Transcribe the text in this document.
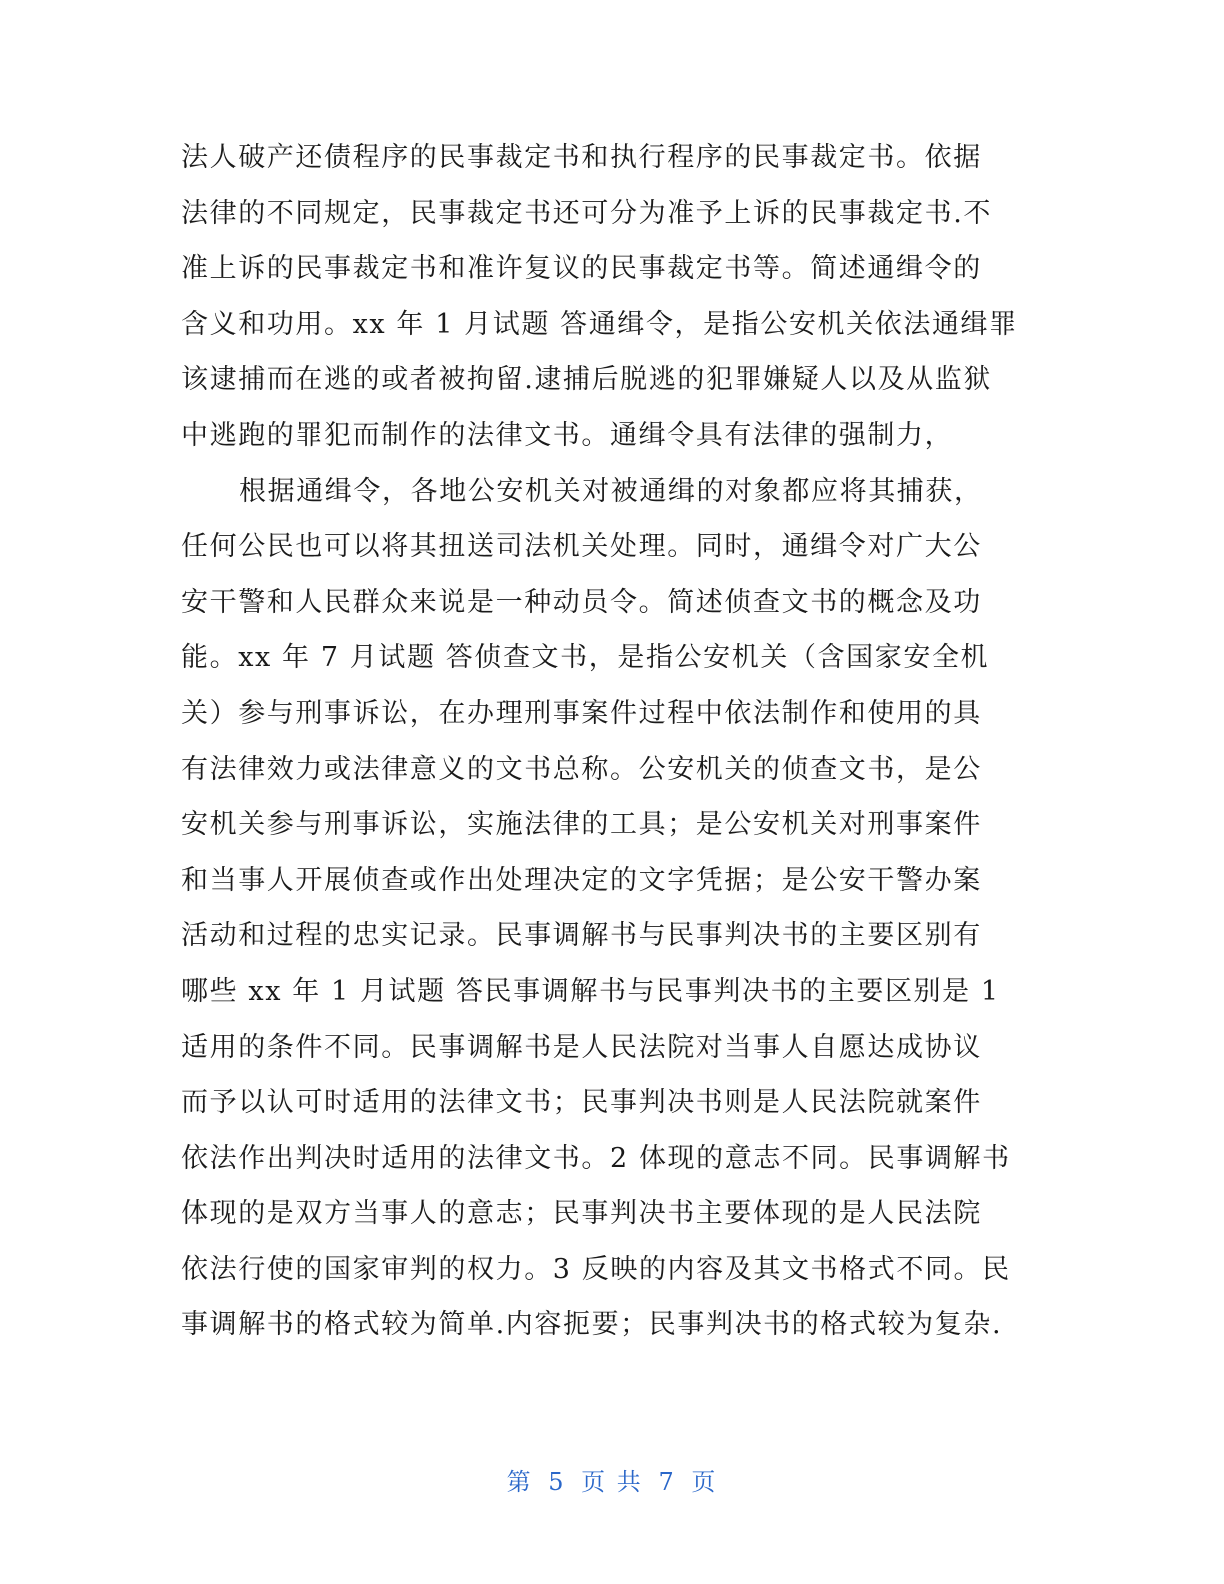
法人破产还债程序的民事裁定书和执行程序的民事裁定书。依据
法律的不同规定，民事裁定书还可分为准予上诉的民事裁定书.不
准上诉的民事裁定书和准许复议的民事裁定书等。简述通缉令的
含义和功用。xx 年 1 月试题 答通缉令，是指公安机关依法通缉罪
该逮捕而在逃的或者被拘留.逮捕后脱逃的犯罪嫌疑人以及从监狱
中逃跑的罪犯而制作的法律文书。通缉令具有法律的强制力，
根据通缉令，各地公安机关对被通缉的对象都应将其捕获，
任何公民也可以将其扭送司法机关处理。同时，通缉令对广大公
安干警和人民群众来说是一种动员令。简述侦查文书的概念及功
能。xx 年 7 月试题 答侦查文书，是指公安机关（含国家安全机
关）参与刑事诉讼，在办理刑事案件过程中依法制作和使用的具
有法律效力或法律意义的文书总称。公安机关的侦查文书，是公
安机关参与刑事诉讼，实施法律的工具；是公安机关对刑事案件
和当事人开展侦查或作出处理决定的文字凭据；是公安干警办案
活动和过程的忠实记录。民事调解书与民事判决书的主要区别有
哪些 xx 年 1 月试题 答民事调解书与民事判决书的主要区别是 1
适用的条件不同。民事调解书是人民法院对当事人自愿达成协议
而予以认可时适用的法律文书；民事判决书则是人民法院就案件
依法作出判决时适用的法律文书。2 体现的意志不同。民事调解书
体现的是双方当事人的意志；民事判决书主要体现的是人民法院
依法行使的国家审判的权力。3 反映的内容及其文书格式不同。民
事调解书的格式较为简单.内容扼要；民事判决书的格式较为复杂.
第 5 页 共 7 页
